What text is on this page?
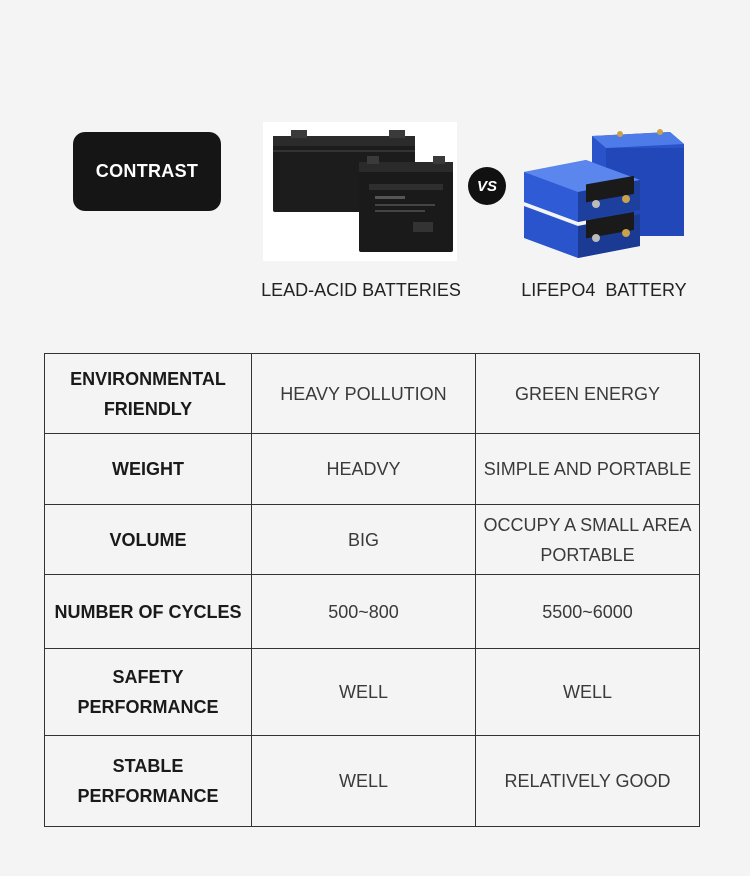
CONTRAST
VS
LEAD-ACID BATTERIES	LIFEPO4  BATTERY
ENVIRONMENTAL
FRIENDLY	HEAVY POLLUTION	GREEN ENERGY
WEIGHT	HEADVY	SIMPLE AND PORTABLE
VOLUME	BIG	OCCUPY A SMALL AREA
PORTABLE
NUMBER OF CYCLES	500~800	5500~6000
SAFETY
PERFORMANCE	WELL	WELL
STABLE
PERFORMANCE	WELL	RELATIVELY GOOD
